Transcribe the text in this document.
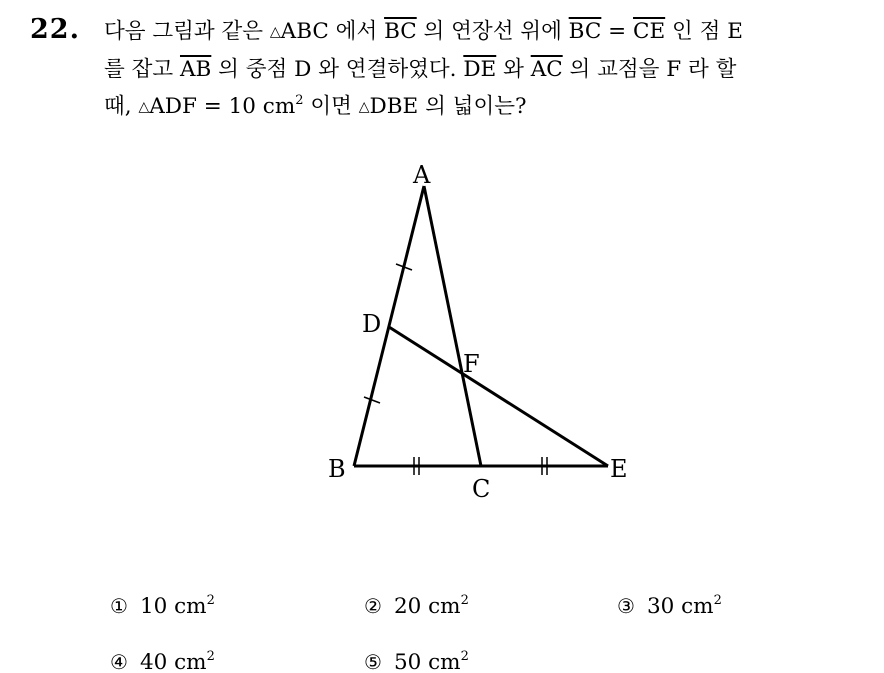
22. 다음 그림과 같은 △ABC 에서 $\overline{BC}$ 의 연장선 위에 $\overline{BC} = \overline{CE}$ 인 점 E
를 잡고 $\overline{AB}$ 의 중점 D 와 연결하였다. $\overline{DE}$ 와 $\overline{AC}$ 의 교점을 F 라 할
때, △ADF = 10 $cm^2$ 이면 △DBE 의 넓이는?
A
B
C
D
E
F
① 10 $cm^2$	② 20 $cm^2$	③ 30 $cm^2$
④ 40 $cm^2$	⑤ 50 $cm^2$
